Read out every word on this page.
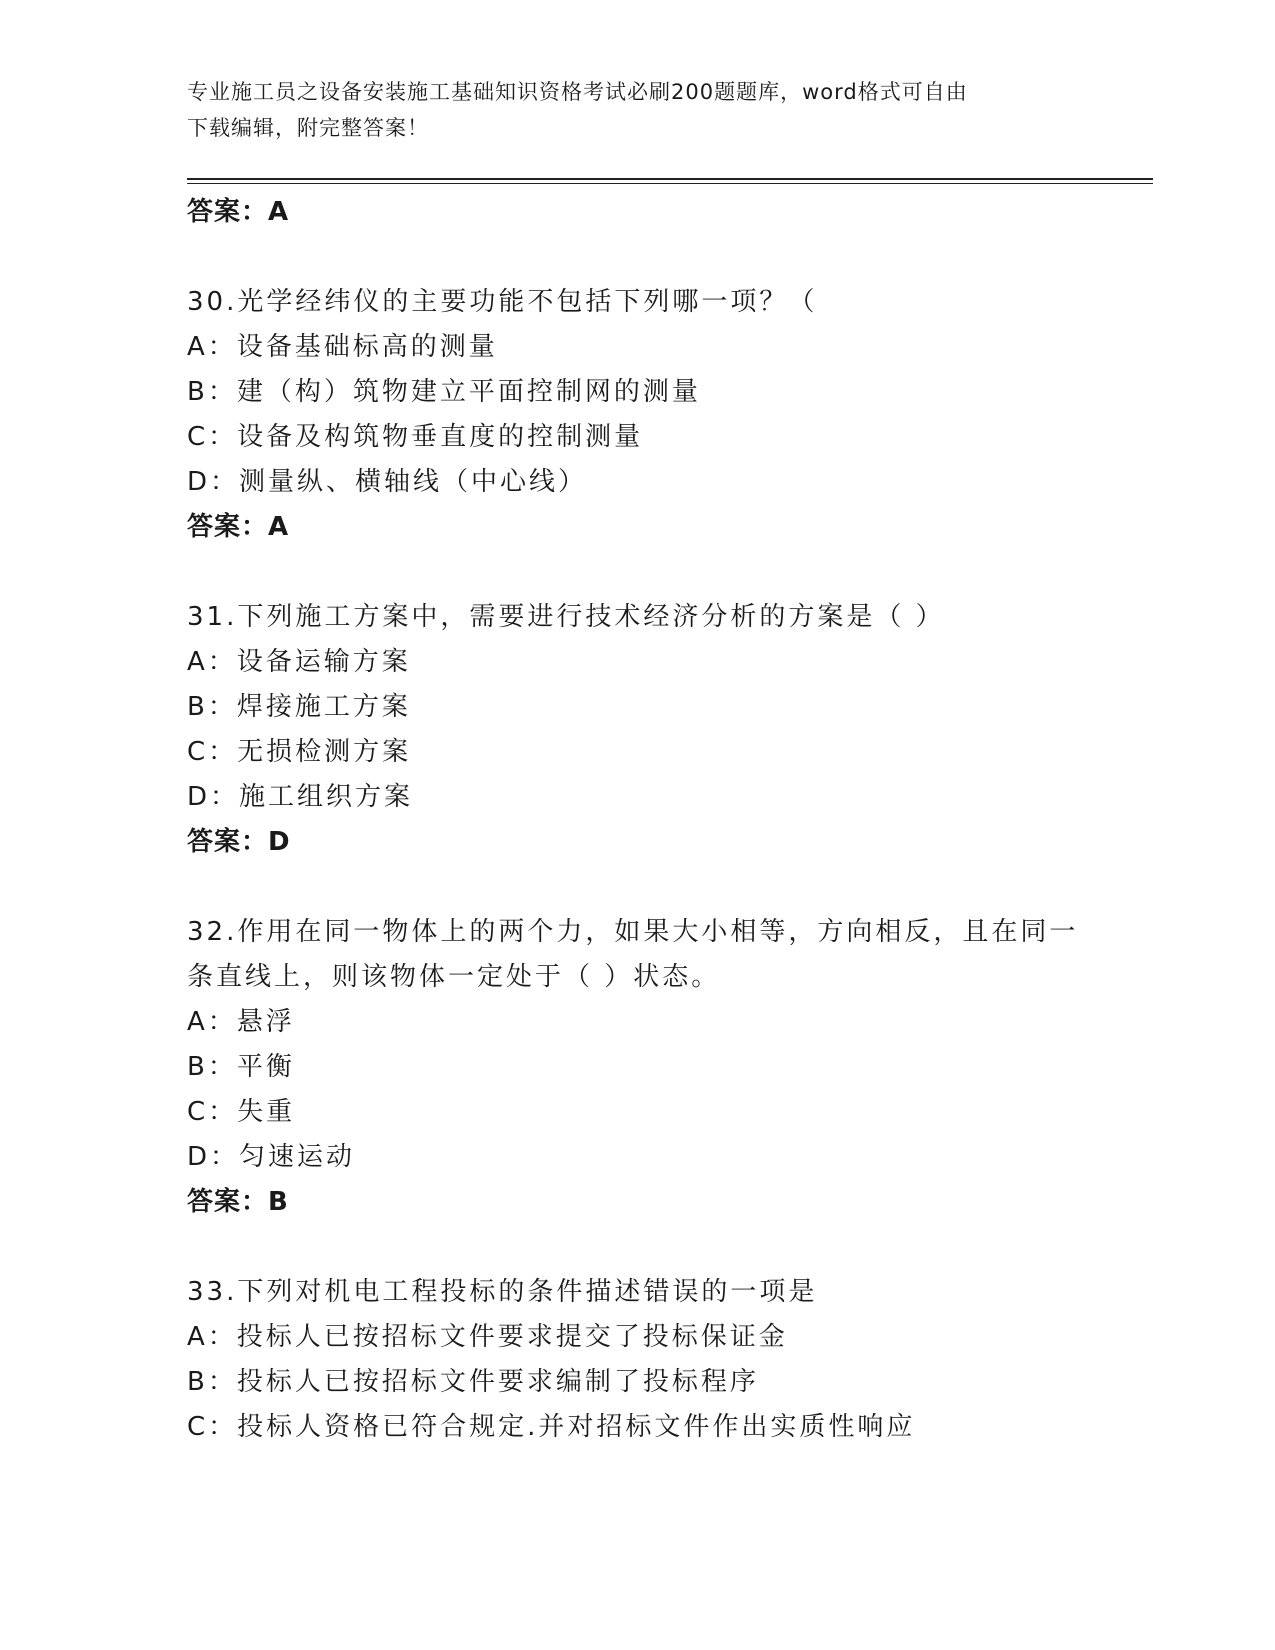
专业施工员之设备安装施工基础知识资格考试必刷200题题库，word格式可自由
下载编辑，附完整答案！
答案：A
30.光学经纬仪的主要功能不包括下列哪一项？（
A：设备基础标高的测量
B：建（构）筑物建立平面控制网的测量
C：设备及构筑物垂直度的控制测量
D：测量纵、横轴线（中心线）
答案：A
31.下列施工方案中，需要进行技术经济分析的方案是（ ）
A：设备运输方案
B：焊接施工方案
C：无损检测方案
D：施工组织方案
答案：D
32.作用在同一物体上的两个力，如果大小相等，方向相反，且在同一
条直线上，则该物体一定处于（ ）状态。
A：悬浮
B：平衡
C：失重
D：匀速运动
答案：B
33.下列对机电工程投标的条件描述错误的一项是
A：投标人已按招标文件要求提交了投标保证金
B：投标人已按招标文件要求编制了投标程序
C：投标人资格已符合规定.并对招标文件作出实质性响应
